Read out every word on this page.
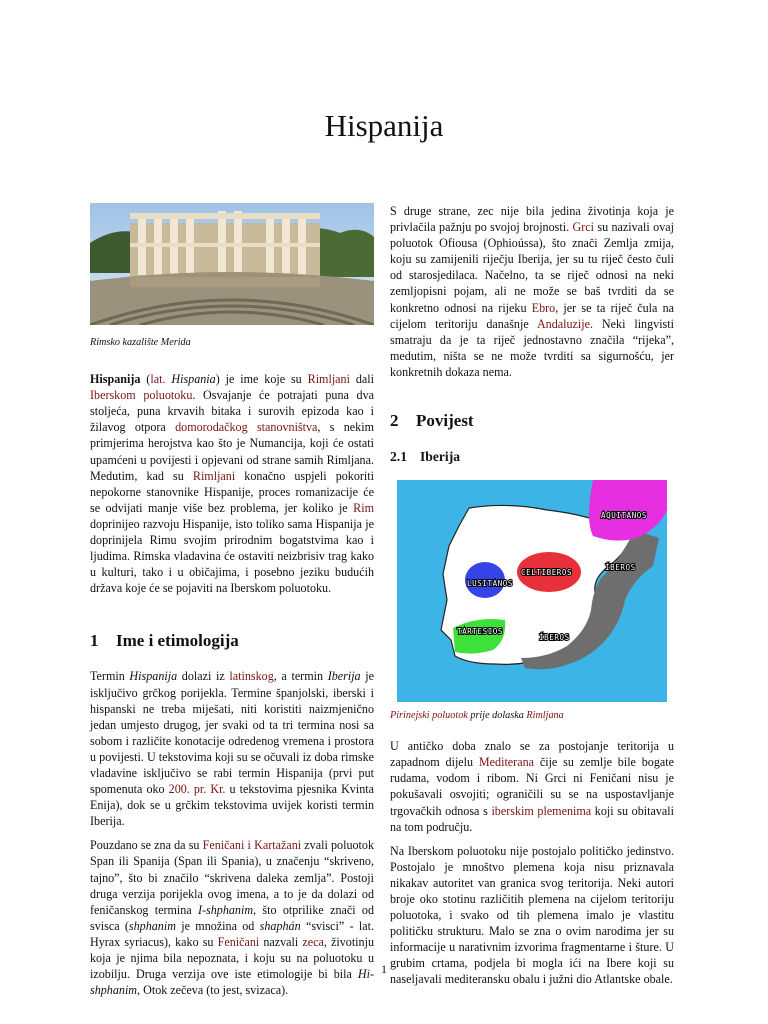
Hispanija

Rimsko kazalište Merida

Hispanija (lat. Hispania) je ime koje su Rimljani dali Iberskom poluotoku. Osvajanje će potrajati puna dva stoljeća, puna krvavih bitaka i surovih epizoda kao i žilavog otpora domorodačkog stanovništva, s nekim primjerima herojstva kao što je Numancija, koji će ostati upamćeni u povijesti i opjevani od strane samih Rimljana. Medutim, kad su Rimljani konačno uspjeli pokoriti nepokorne stanovnike Hispanije, proces romanizacije će se odvijati manje više bez problema, jer koliko je Rim doprinijeo razvoju Hispanije, isto toliko sama Hispanija je doprinijela Rimu svojim prirodnim bogatstvima kao i ljudima. Rimska vladavina će ostaviti neizbrisiv trag kako u kulturi, tako i u običajima, i posebno jeziku budućih država koje će se pojaviti na Iberskom poluotoku.

1 Ime i etimologija

Termin Hispanija dolazi iz latinskog, a termin Iberija je isključivo grčkog porijekla. Termine španjolski, iberski i hispanski ne treba miješati, niti koristiti naizmjenično jedan umjesto drugog, jer svaki od ta tri termina nosi sa sobom i različite konotacije odredenog vremena i prostora u povijesti. U tekstovima koji su se očuvali iz doba rimske vladavine isključivo se rabi termin Hispanija (prvi put spomenuta oko 200. pr. Kr. u tekstovima pjesnika Kvinta Enija), dok se u grčkim tekstovima uvijek koristi termin Iberija.

Pouzdano se zna da su Feničani i Kartažani zvali poluotok Span ili Spanija (Span ili Spania), u značenju “skriveno, tajno”, što bi značilo “skrivena daleka zemlja”. Postoji druga verzija porijekla ovog imena, a to je da dolazi od feničanskog termina I-shphanim, što otprilike znači od svisca (shphanim je množina od shaphán “svisci” - lat. Hyrax syriacus), kako su Feničani nazvali zeca, životinju koja je njima bila nepoznata, i koju su na poluotoku u izobilju. Druga verzija ove iste etimologije bi bila Hi-shphanim, Otok zečeva (to jest, svizaca).

S druge strane, zec nije bila jedina životinja koja je privlačila pažnju po svojoj brojnosti. Grci su nazivali ovaj poluotok Ofiousa (Ophioússa), što znači Zemlja zmija, koju su zamijenili riječju Iberija, jer su tu riječ često čuli od starosjedilaca. Načelno, ta se riječ odnosi na neki zemljopisni pojam, ali ne može se baš tvrditi da se konkretno odnosi na rijeku Ebro, jer se ta riječ čula na cijelom teritoriju današnje Andaluzije. Neki lingvisti smatraju da je ta riječ jednostavno značila “rijeka”, medutim, ništa se ne može tvrditi sa sigurnošću, jer konkretnih dokaza nema.

2 Povijest
2.1 Iberija
AQUITANOS
CELTIBEROS
LUSITANOS
ÍBEROS
ÍBEROS
TARTESIOS

Pirinejski poluotok prije dolaska Rimljana

U antičko doba znalo se za postojanje teritorija u zapadnom dijelu Mediterana čije su zemlje bile bogate rudama, vodom i ribom. Ni Grci ni Feničani nisu je pokušavali osvojiti; ograničili su se na uspostavljanje trgovačkih odnosa s iberskim plemenima koji su obitavali na tom području.

Na Iberskom poluotoku nije postojalo političko jedinstvo. Postojalo je mnoštvo plemena koja nisu priznavala nikakav autoritet van granica svog teritorija. Neki autori broje oko stotinu različitih plemena na cijelom teritoriju poluotoka, i svako od tih plemena imalo je vlastitu političku strukturu. Malo se zna o ovim narodima jer su informacije u narativnim izvorima fragmentarne i šture. U grubim crtama, podjela bi mogla ići na Ibere koji su naseljavali mediteransku obalu i južni dio Atlantske obale.

1
